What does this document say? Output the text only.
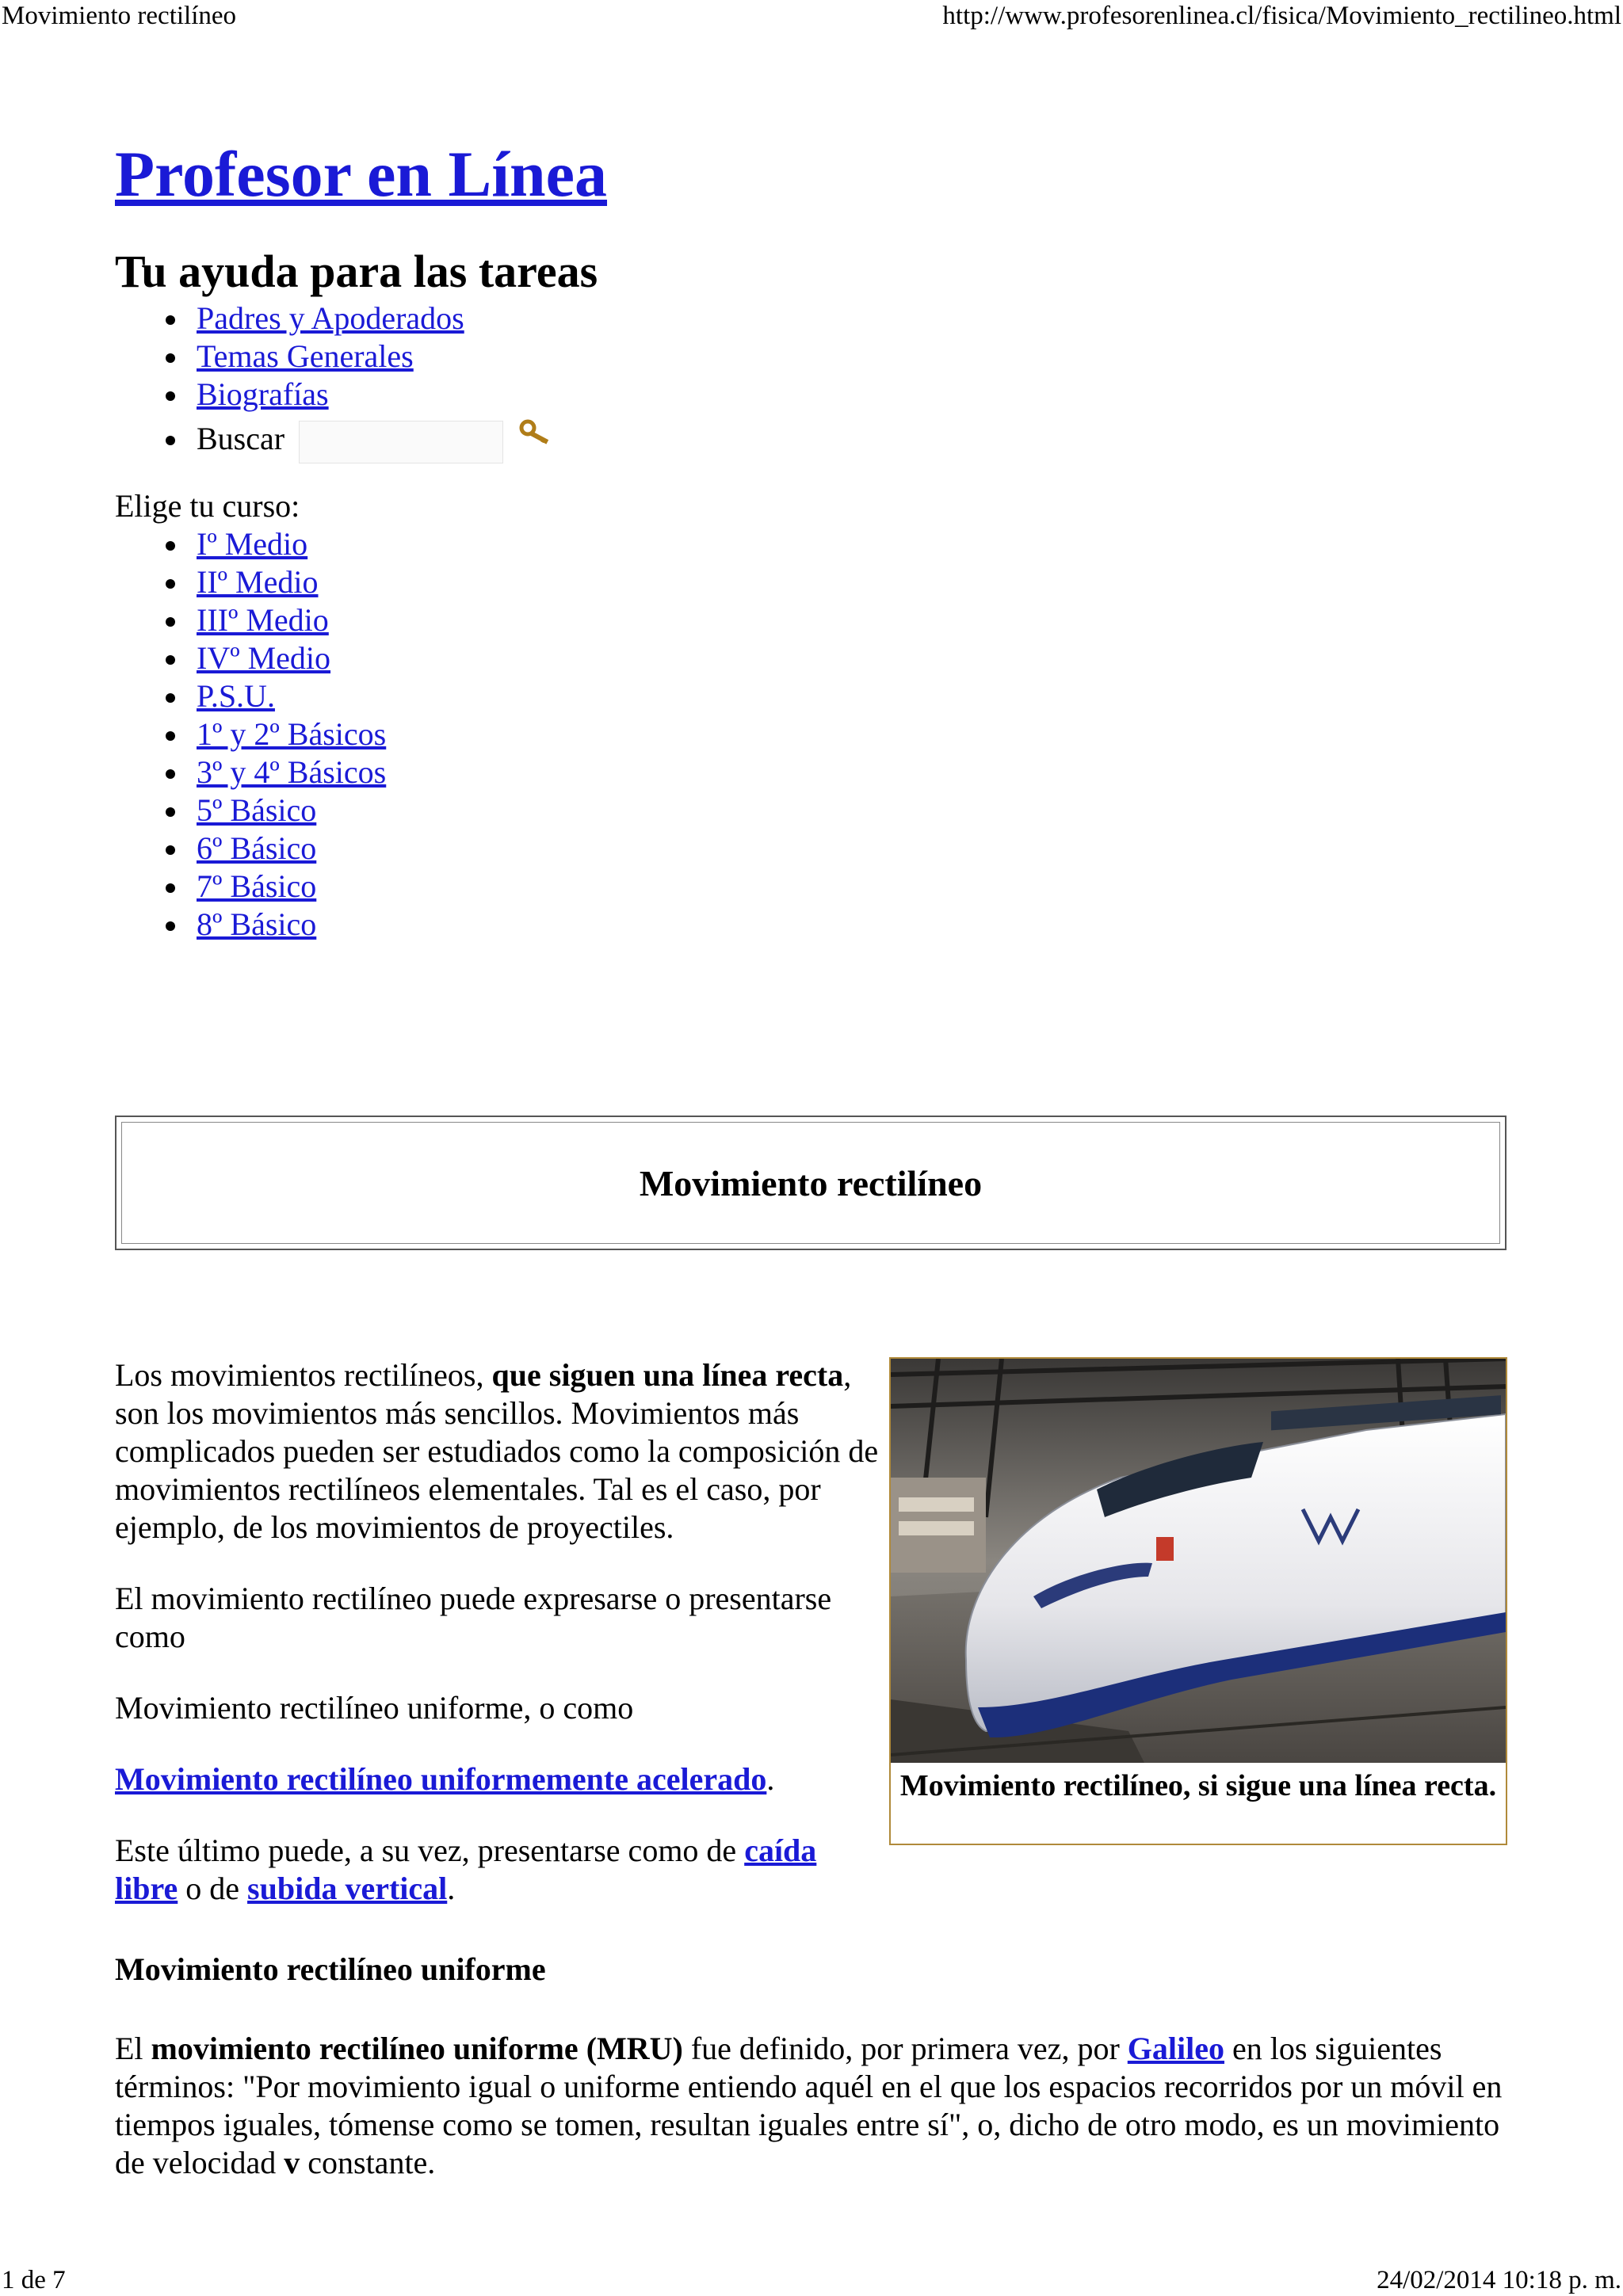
Movimiento rectilíneo	http://www.profesorenlinea.cl/fisica/Movimiento_rectilineo.html
Profesor en Línea
Tu ayuda para las tareas
Padres y Apoderados
Temas Generales
Biografías
Buscar
Elige tu curso:
Iº Medio
IIº Medio
IIIº Medio
IVº Medio
P.S.U.
1º y 2º Básicos
3º y 4º Básicos
5º Básico
6º Básico
7º Básico
8º Básico
Movimiento rectilíneo

Los movimientos rectilíneos, que siguen una línea recta, son los movimientos más sencillos. Movimientos más complicados pueden ser estudiados como la composición de movimientos rectilíneos elementales. Tal es el caso, por ejemplo, de los movimientos de proyectiles.

El movimiento rectilíneo puede expresarse o presentarse como

Movimiento rectilíneo uniforme, o como

Movimiento rectilíneo uniformemente acelerado.

Este último puede, a su vez, presentarse como de caída libre o de subida vertical.

Movimiento rectilíneo, si sigue una línea recta.
Movimiento rectilíneo uniforme
El movimiento rectilíneo uniforme (MRU) fue definido, por primera vez, por Galileo en los siguientes términos: "Por movimiento igual o uniforme entiendo aquél en el que los espacios recorridos por un móvil en tiempos iguales, tómense como se tomen, resultan iguales entre sí", o, dicho de otro modo, es un movimiento de velocidad v constante.
1 de 7	24/02/2014 10:18 p. m.
